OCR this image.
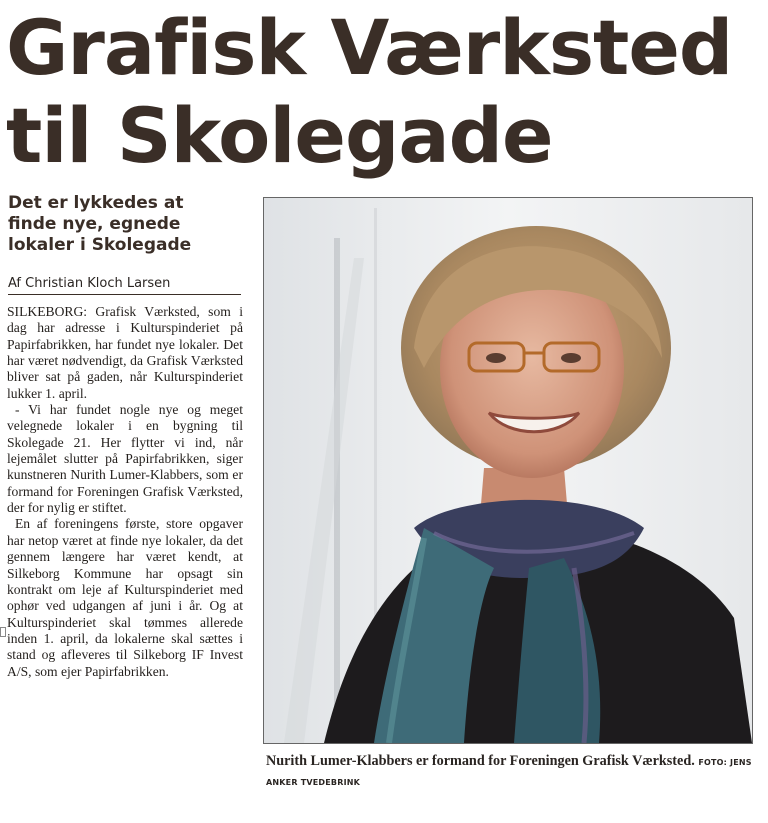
Grafisk Værksted
til Skolegade
Det er lykkedes at
finde nye, egnede
lokaler i Skolegade
Af Christian Kloch Larsen

SILKEBORG: Grafisk Værksted, som i dag har adresse i Kulturspinderiet på Papirfabrikken, har fundet nye lokaler. Det har været nødvendigt, da Grafisk Værksted bliver sat på gaden, når Kulturspinderiet lukker 1. april.

- Vi har fundet nogle nye og meget velegnede lokaler i en bygning til Skolegade 21. Her flytter vi ind, når lejemålet slutter på Papirfabrikken, siger kunstneren Nurith Lumer-Klabbers, som er formand for Foreningen Grafisk Værksted, der for nylig er stiftet.

En af foreningens første, store opgaver har netop været at finde nye lokaler, da det gennem længere har været kendt, at Silkeborg Kommune har opsagt sin kontrakt om leje af Kulturspinderiet med ophør ved udgangen af juni i år. Og at Kulturspinderiet skal tømmes allerede inden 1. april, da lokalerne skal sættes i stand og afleveres til Silkeborg IF Invest A/S, som ejer Papirfabrikken.

Nurith Lumer-Klabbers er formand for Foreningen Grafisk Værksted. FOTO: JENS ANKER TVEDEBRINK
